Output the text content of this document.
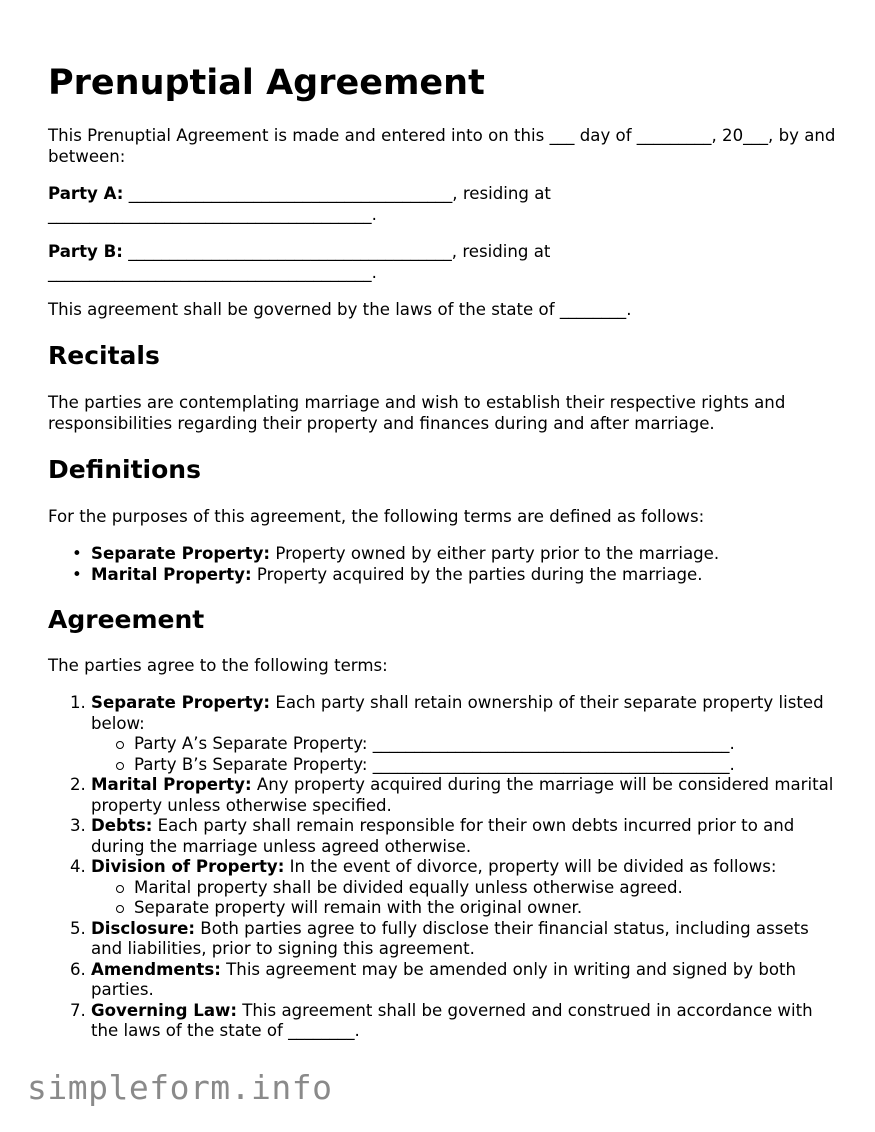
Prenuptial Agreement

This Prenuptial Agreement is made and entered into on this ___ day of _________, 20___, by and between:

Party A: _______________________________________, residing at _______________________________________.

Party B: _______________________________________, residing at _______________________________________.

This agreement shall be governed by the laws of the state of ________.

Recitals

The parties are contemplating marriage and wish to establish their respective rights and responsibilities regarding their property and finances during and after marriage.

Definitions

For the purposes of this agreement, the following terms are defined as follows:

• Separate Property: Property owned by either party prior to the marriage.
• Marital Property: Property acquired by the parties during the marriage.
Agreement

The parties agree to the following terms:

1. Separate Property: Each party shall retain ownership of their separate property listed below:
Party A’s Separate Property: ___________________________________________.
Party B’s Separate Property: ___________________________________________.
2. Marital Property: Any property acquired during the marriage will be considered marital property unless otherwise specified.
3. Debts: Each party shall remain responsible for their own debts incurred prior to and during the marriage unless agreed otherwise.
4. Division of Property: In the event of divorce, property will be divided as follows:
Marital property shall be divided equally unless otherwise agreed.
Separate property will remain with the original owner.
5. Disclosure: Both parties agree to fully disclose their financial status, including assets and liabilities, prior to signing this agreement.
6. Amendments: This agreement may be amended only in writing and signed by both parties.
7. Governing Law: This agreement shall be governed and construed in accordance with the laws of the state of ________.
simpleform.info
